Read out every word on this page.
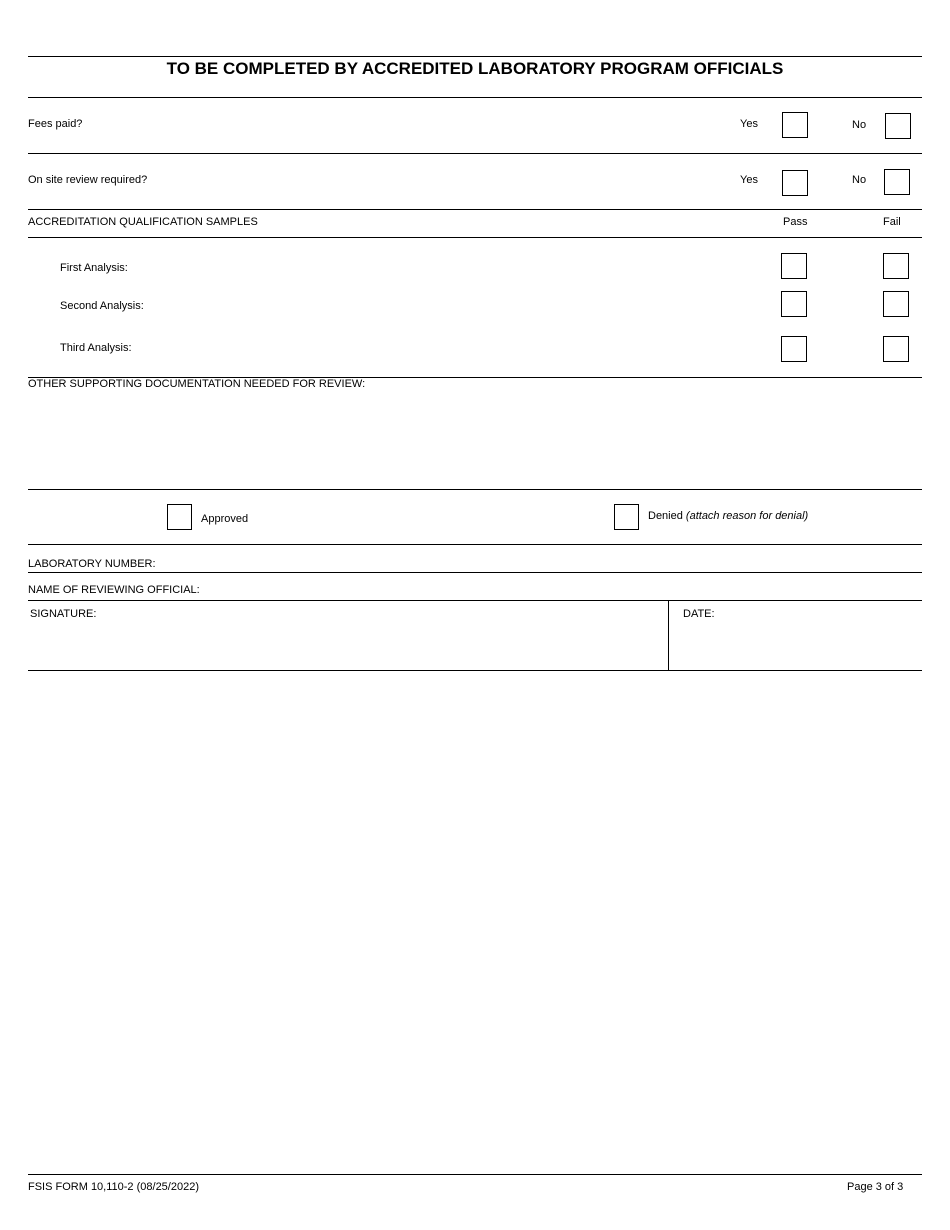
TO BE COMPLETED BY ACCREDITED LABORATORY PROGRAM OFFICIALS
Fees paid?	Yes	No
On site review required?	Yes	No
ACCREDITATION QUALIFICATION SAMPLES	Pass	Fail
First Analysis:
Second Analysis:
Third Analysis:
OTHER SUPPORTING DOCUMENTATION NEEDED FOR REVIEW:
Approved	Denied (attach reason for denial)
LABORATORY NUMBER:
NAME OF REVIEWING OFFICIAL:
SIGNATURE:	DATE:
FSIS FORM 10,110-2 (08/25/2022)	Page 3 of 3
